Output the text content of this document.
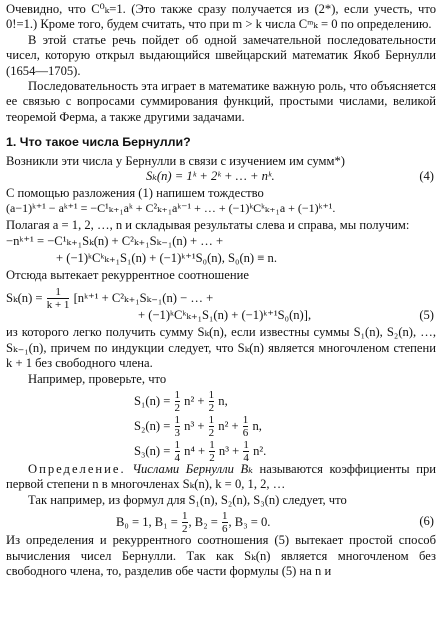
Очевидно, что C⁰ₖ=1. (Это также сразу получается из (2*), если учесть, что 0!=1.) Кроме того, будем считать, что при m > k числа Cᵐₖ = 0 по определению.

В этой статье речь пойдет об одной замечательной последовательности чисел, которую открыл выдающийся швейцарский математик Якоб Бернулли (1654—1705).

Последовательность эта играет в математике важную роль, что объясняется ее связью с вопросами суммирования функций, простыми числами, великой теоремой Ферма, а также другими задачами.

1. Что такое числа Бернулли?

Возникли эти числа у Бернулли в связи с изучением им сумм*)

Sₖ(n) = 1ᵏ + 2ᵏ + … + nᵏ.	(4)

С помощью разложения (1) напишем тождество

(a−1)ᵏ⁺¹ − aᵏ⁺¹ = −C¹ₖ₊₁aᵏ + C²ₖ₊₁aᵏ⁻¹ + … + (−1)ᵏCᵏₖ₊₁a + (−1)ᵏ⁺¹.

Полагая a = 1, 2, …, n и складывая результаты слева и справа, мы получим:

−nᵏ⁺¹ = −C¹ₖ₊₁Sₖ(n) + C²ₖ₊₁Sₖ₋₁(n) + … +
+ (−1)ᵏCᵏₖ₊₁S₁(n) + (−1)ᵏ⁺¹S₀(n), S₀(n) ≡ n.

Отсюда вытекает рекуррентное соотношение

$S_k(n) = \frac{1}{k + 1}$ [nᵏ⁺¹ + C²ₖ₊₁Sₖ₋₁(n) − … +
+ (−1)ᵏCᵏₖ₊₁S₁(n) + (−1)ᵏ⁺¹S₀(n)],	(5)

из которого легко получить сумму Sₖ(n), если известны суммы S₁(n), S₂(n), …, Sₖ₋₁(n), причем по индукции следует, что Sₖ(n) является многочленом степени k + 1 без свободного члена.

Например, проверьте, что

$S_1(n) = \frac{1}{2} n^2 + \frac{1}{2} n$,
$S_2(n) = \frac{1}{3} n^3 + \frac{1}{2} n^2 + \frac{1}{6} n$,
$S_3(n) = \frac{1}{4} n^4 + \frac{1}{2} n^3 + \frac{1}{4} n^2$.

Определение. Числами Бернулли Bₖ называются коэффициенты при первой степени n в многочленах Sₖ(n), k = 0, 1, 2, …

Так например, из формул для S₁(n), S₂(n), S₃(n) следует, что

B₀ = 1, $B_1 = \frac{1}{2}$ , $B_2 = \frac{1}{6}$ , B₃ = 0.	(6)

Из определения и рекуррентного соотношения (5) вытекает простой способ вычисления чисел Бернулли. Так как Sₖ(n) является многочленом без свободного члена, то, разделив обе части формулы (5) на n и
